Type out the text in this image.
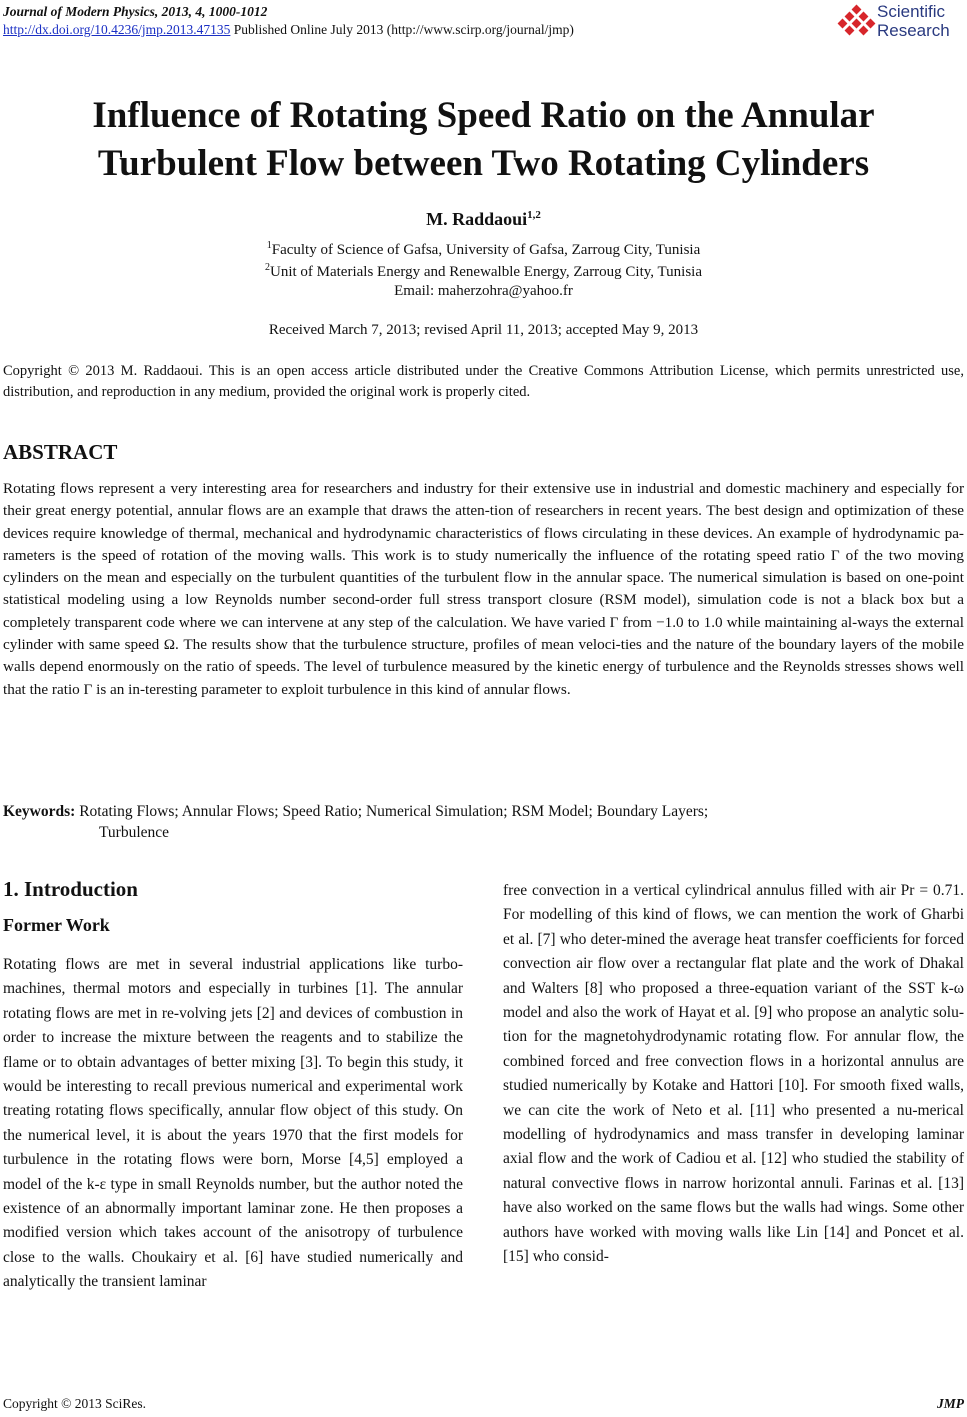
Journal of Modern Physics, 2013, 4, 1000-1012
http://dx.doi.org/10.4236/jmp.2013.47135 Published Online July 2013 (http://www.scirp.org/journal/jmp)
Scientific
Research
Influence of Rotating Speed Ratio on the Annular
Turbulent Flow between Two Rotating Cylinders
M. Raddaoui$^{1,2}$
$^1$Faculty of Science of Gafsa, University of Gafsa, Zarroug City, Tunisia
$^2$Unit of Materials Energy and Renewalble Energy, Zarroug City, Tunisia
Email: maherzohra@yahoo.fr
Received March 7, 2013; revised April 11, 2013; accepted May 9, 2013
Copyright © 2013 M. Raddaoui. This is an open access article distributed under the Creative Commons Attribution License, which permits unrestricted use, distribution, and reproduction in any medium, provided the original work is properly cited.
ABSTRACT
Rotating flows represent a very interesting area for researchers and industry for their extensive use in industrial and domestic machinery and especially for their great energy potential, annular flows are an example that draws the atten-tion of researchers in recent years. The best design and optimization of these devices require knowledge of thermal, mechanical and hydrodynamic characteristics of flows circulating in these devices. An example of hydrodynamic pa-rameters is the speed of rotation of the moving walls. This work is to study numerically the influence of the rotating speed ratio Γ of the two moving cylinders on the mean and especially on the turbulent quantities of the turbulent flow in the annular space. The numerical simulation is based on one-point statistical modeling using a low Reynolds number second-order full stress transport closure (RSM model), simulation code is not a black box but a completely transparent code where we can intervene at any step of the calculation. We have varied Γ from −1.0 to 1.0 while maintaining al-ways the external cylinder with same speed Ω. The results show that the turbulence structure, profiles of mean veloci-ties and the nature of the boundary layers of the mobile walls depend enormously on the ratio of speeds. The level of turbulence measured by the kinetic energy of turbulence and the Reynolds stresses shows well that the ratio Γ is an in-teresting parameter to exploit turbulence in this kind of annular flows.
Keywords: Rotating Flows; Annular Flows; Speed Ratio; Numerical Simulation; RSM Model; Boundary Layers;
Turbulence
1. Introduction
Former Work
Rotating flows are met in several industrial applications like turbo-machines, thermal motors and especially in turbines [1]. The annular rotating flows are met in re-volving jets [2] and devices of combustion in order to increase the mixture between the reagents and to stabilize the flame or to obtain advantages of better mixing [3]. To begin this study, it would be interesting to recall previous numerical and experimental work treating rotating flows specifically, annular flow object of this study. On the numerical level, it is about the years 1970 that the first models for turbulence in the rotating flows were born, Morse [4,5] employed a model of the k-ε type in small Reynolds number, but the author noted the existence of an abnormally important laminar zone. He then proposes a modified version which takes account of the anisotropy of turbulence close to the walls. Choukairy et al. [6] have studied numerically and analytically the transient laminar
free convection in a vertical cylindrical annulus filled with air Pr = 0.71. For modelling of this kind of flows, we can mention the work of Gharbi et al. [7] who deter-mined the average heat transfer coefficients for forced convection air flow over a rectangular flat plate and the work of Dhakal and Walters [8] who proposed a three-equation variant of the SST k-ω model and also the work of Hayat et al. [9] who propose an analytic solu-tion for the magnetohydrodynamic rotating flow. For annular flow, the combined forced and free convection flows in a horizontal annulus are studied numerically by Kotake and Hattori [10]. For smooth fixed walls, we can cite the work of Neto et al. [11] who presented a nu-merical modelling of hydrodynamics and mass transfer in developing laminar axial flow and the work of Cadiou et al. [12] who studied the stability of natural convective flows in narrow horizontal annuli. Farinas et al. [13] have also worked on the same flows but the walls had wings. Some other authors have worked with moving walls like Lin [14] and Poncet et al. [15] who consid-
Copyright © 2013 SciRes.	JMP
